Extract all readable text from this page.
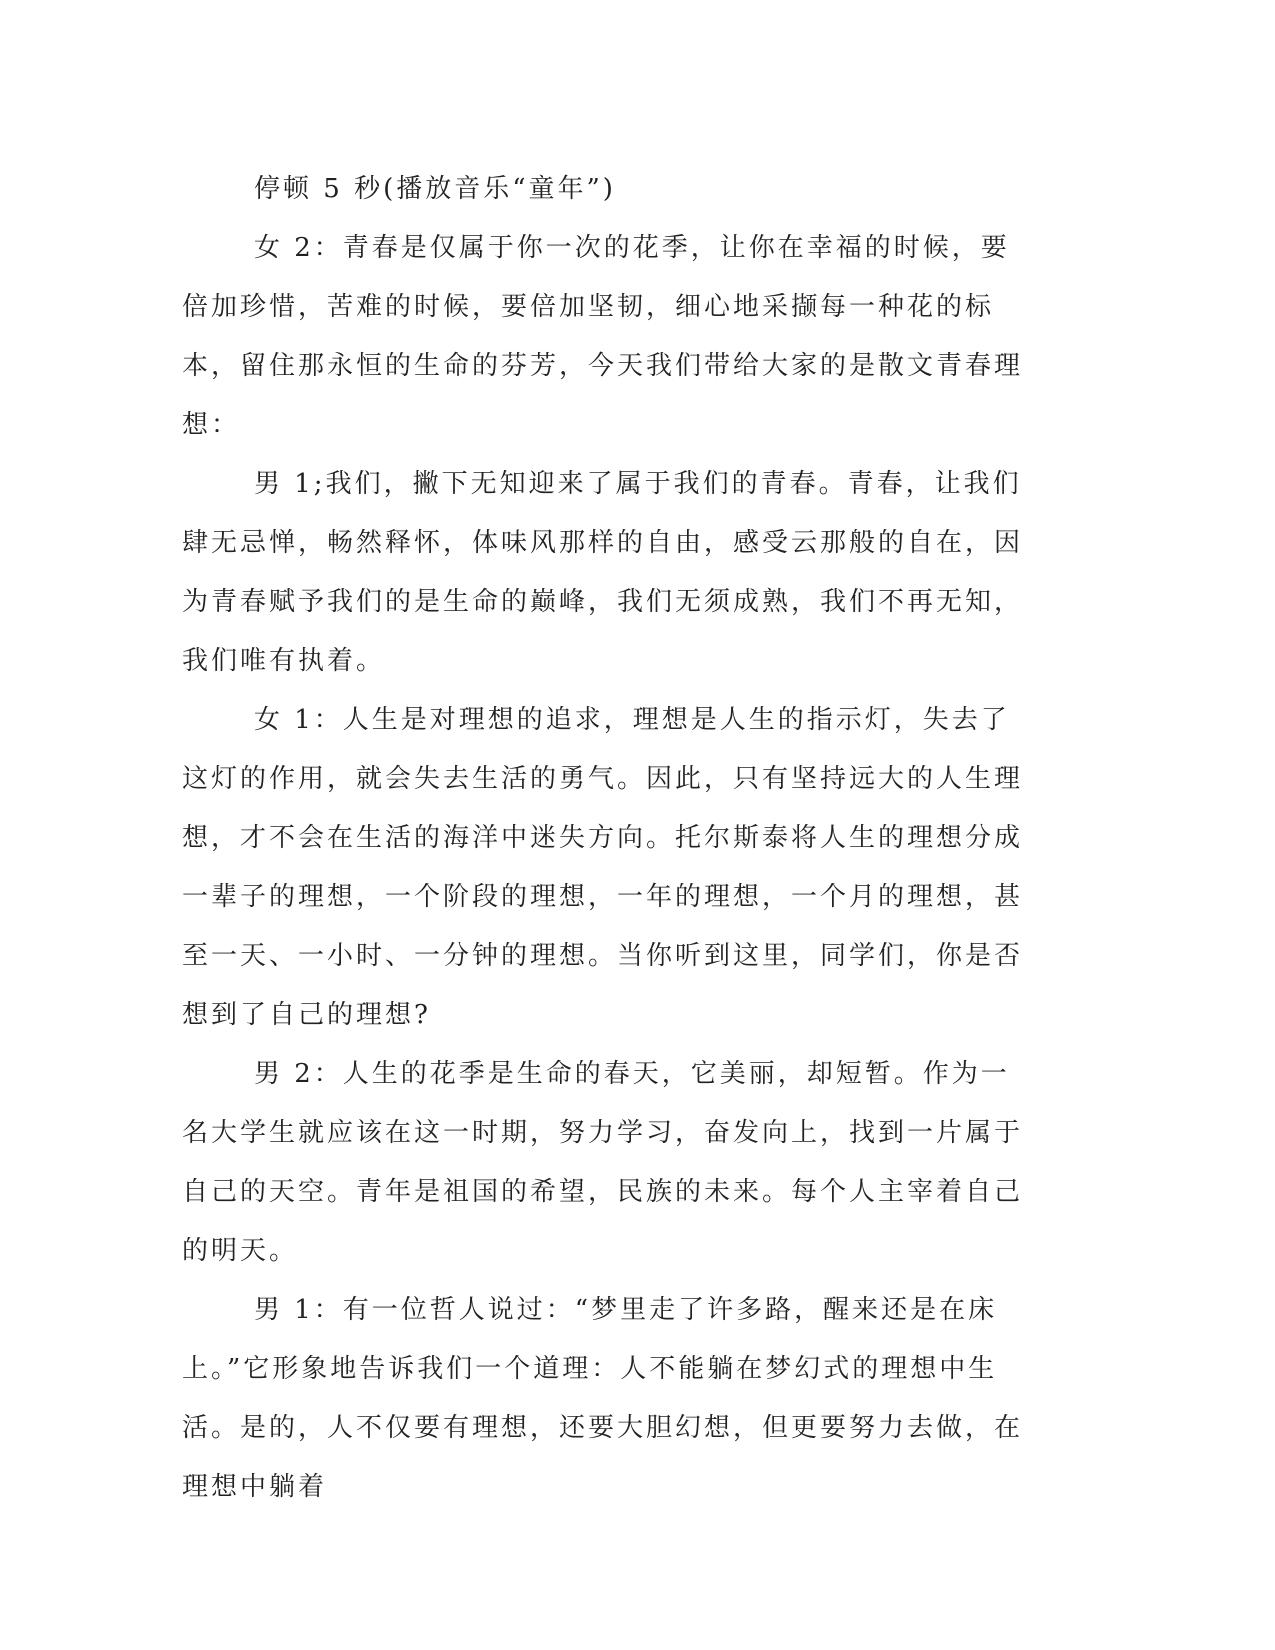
停顿 5 秒(播放音乐“童年”)

女 2：青春是仅属于你一次的花季，让你在幸福的时候，要倍加珍惜，苦难的时候，要倍加坚韧，细心地采撷每一种花的标本，留住那永恒的生命的芬芳，今天我们带给大家的是散文青春理想：

男 1;我们，撇下无知迎来了属于我们的青春。青春，让我们肆无忌惮，畅然释怀，体味风那样的自由，感受云那般的自在，因为青春赋予我们的是生命的巅峰，我们无须成熟，我们不再无知，我们唯有执着。

女 1：人生是对理想的追求，理想是人生的指示灯，失去了这灯的作用，就会失去生活的勇气。因此，只有坚持远大的人生理想，才不会在生活的海洋中迷失方向。托尔斯泰将人生的理想分成一辈子的理想，一个阶段的理想，一年的理想，一个月的理想，甚至一天、一小时、一分钟的理想。当你听到这里，同学们，你是否想到了自己的理想?

男 2：人生的花季是生命的春天，它美丽，却短暂。作为一名大学生就应该在这一时期，努力学习，奋发向上，找到一片属于自己的天空。青年是祖国的希望，民族的未来。每个人主宰着自己的明天。

男 1：有一位哲人说过：“梦里走了许多路，醒来还是在床上。”它形象地告诉我们一个道理：人不能躺在梦幻式的理想中生活。是的，人不仅要有理想，还要大胆幻想，但更要努力去做，在理想中躺着
